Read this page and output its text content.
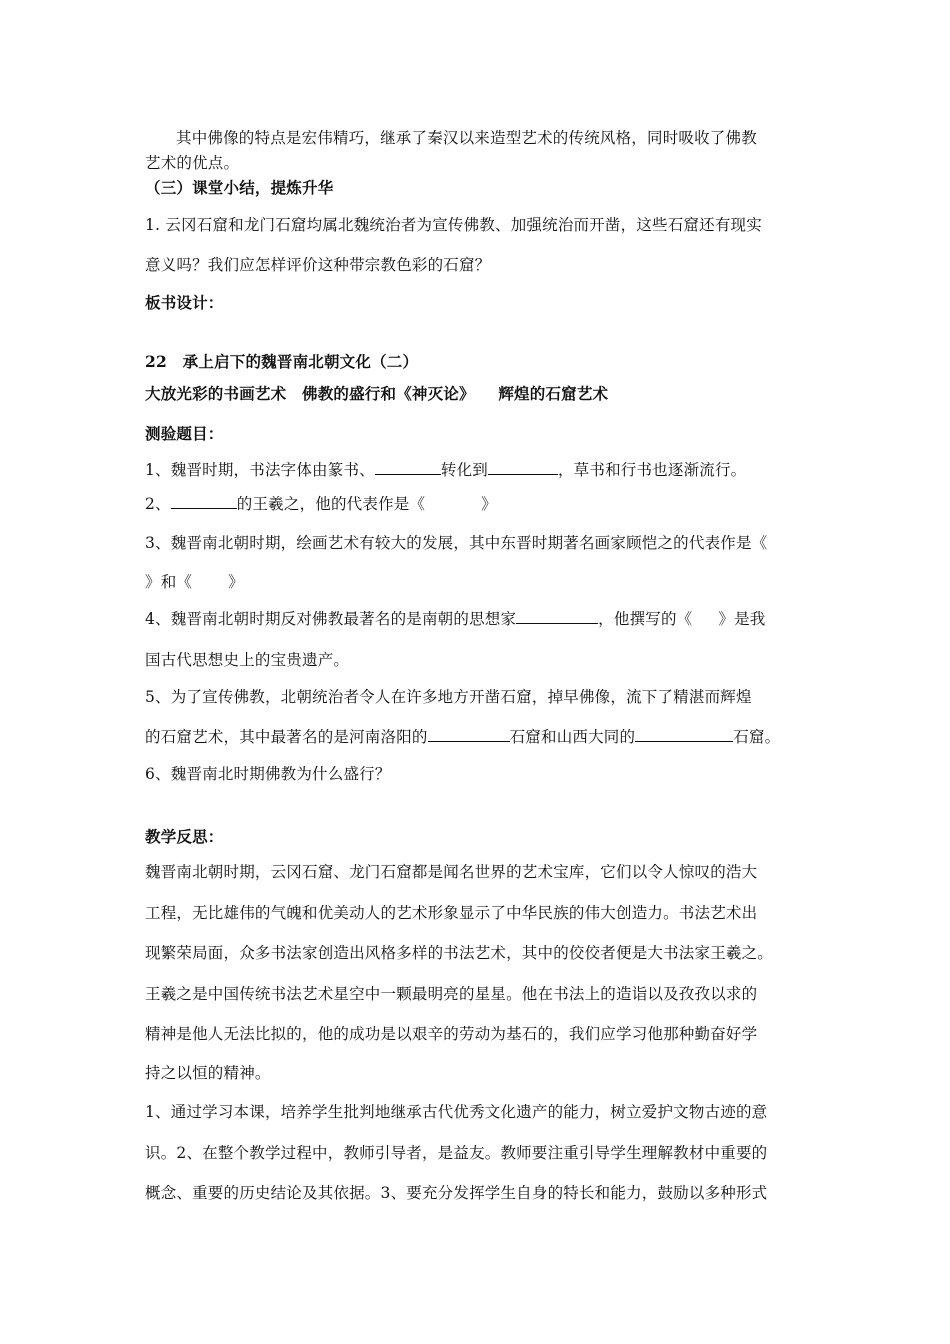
其中佛像的特点是宏伟精巧，继承了秦汉以来造型艺术的传统风格，同时吸收了佛教
艺术的优点。
（三）课堂小结，提炼升华
1. 云冈石窟和龙门石窟均属北魏统治者为宣传佛教、加强统治而开凿，这些石窟还有现实
意义吗？我们应怎样评价这种带宗教色彩的石窟？
板书设计：
22　承上启下的魏晋南北朝文化（二）
大放光彩的书画艺术　佛教的盛行和《神灭论》　　辉煌的石窟艺术
测验题目：
1、魏晋时期，书法字体由篆书、	转化到	，草书和行书也逐渐流行。
2、	的王羲之，他的代表作是《	》
3、魏晋南北朝时期，绘画艺术有较大的发展，其中东晋时期著名画家顾恺之的代表作是《
》和《 》
4、魏晋南北朝时期反对佛教最著名的是南朝的思想家	，他撰写的《 》是我
国古代思想史上的宝贵遗产。
5、为了宣传佛教，北朝统治者令人在许多地方开凿石窟，掉早佛像，流下了精湛而辉煌
的石窟艺术，其中最著名的是河南洛阳的	石窟和山西大同的	石窟。
6、魏晋南北时期佛教为什么盛行？
教学反思：
魏晋南北朝时期，云冈石窟、龙门石窟都是闻名世界的艺术宝库，它们以令人惊叹的浩大
工程，无比雄伟的气魄和优美动人的艺术形象显示了中华民族的伟大创造力。书法艺术出
现繁荣局面，众多书法家创造出风格多样的书法艺术，其中的佼佼者便是大书法家王羲之。
王羲之是中国传统书法艺术星空中一颗最明亮的星星。他在书法上的造诣以及孜孜以求的
精神是他人无法比拟的，他的成功是以艰辛的劳动为基石的，我们应学习他那种勤奋好学
持之以恒的精神。
1、通过学习本课，培养学生批判地继承古代优秀文化遗产的能力，树立爱护文物古迹的意
识。2、在整个教学过程中，教师引导者，是益友。教师要注重引导学生理解教材中重要的
概念、重要的历史结论及其依据。3、要充分发挥学生自身的特长和能力，鼓励以多种形式
